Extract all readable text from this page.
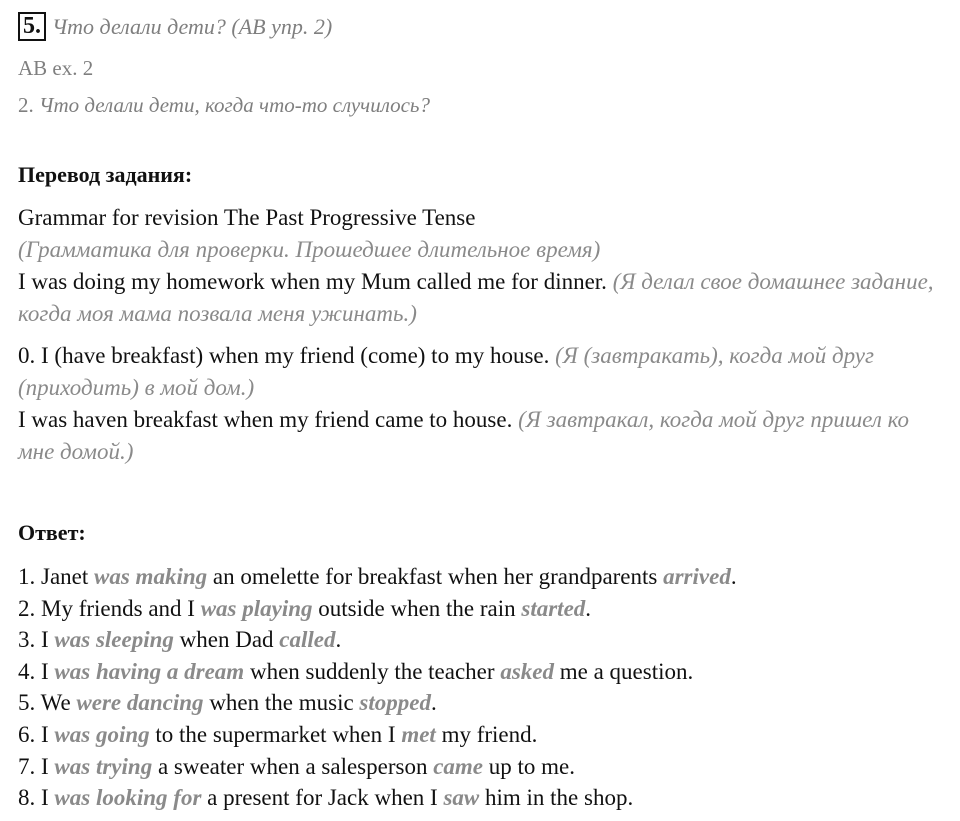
5. Что делали дети? (AB упр. 2)
AB ex. 2
2. Что делали дети, когда что-то случилось?
Перевод задания:

Grammar for revision The Past Progressive Tense

(Грамматика для проверки. Прошедшее длительное время)

I was doing my homework when my Mum called me for dinner. (Я делал свое домашнее задание, когда моя мама позвала меня ужинать.)

0. I (have breakfast) when my friend (come) to my house. (Я (завтракать), когда мой друг (приходить) в мой дом.)

I was haven breakfast when my friend came to house. (Я завтракал, когда мой друг пришел ко мне домой.)

Ответ:
1. Janet was making an omelette for breakfast when her grandparents arrived.
2. My friends and I was playing outside when the rain started.
3. I was sleeping when Dad called.
4. I was having a dream when suddenly the teacher asked me a question.
5. We were dancing when the music stopped.
6. I was going to the supermarket when I met my friend.
7. I was trying a sweater when a salesperson came up to me.
8. I was looking for a present for Jack when I saw him in the shop.
